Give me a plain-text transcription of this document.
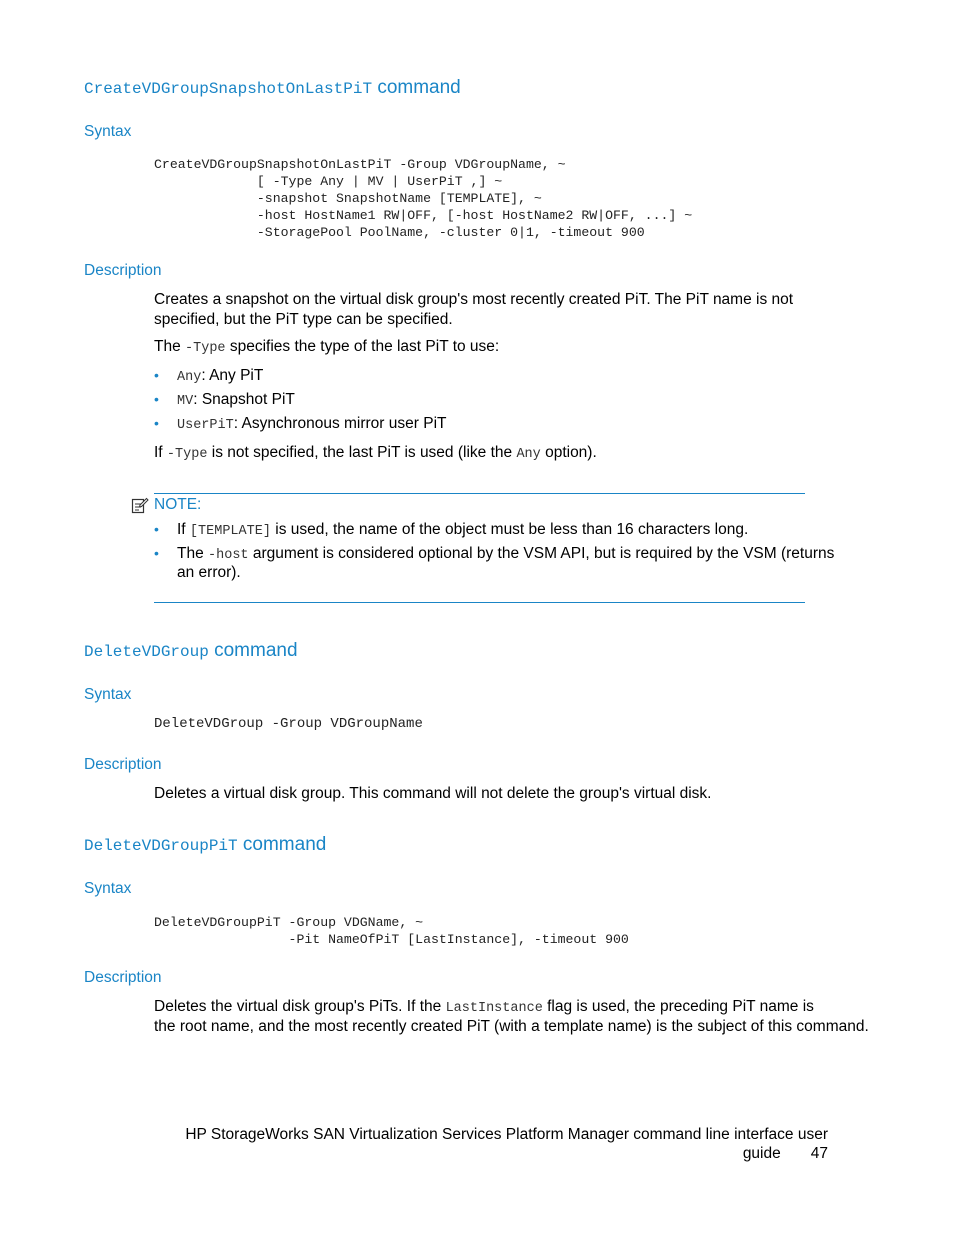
CreateVDGroupSnapshotOnLastPiT command
Syntax
CreateVDGroupSnapshotOnLastPiT -Group VDGroupName, ~
[ -Type Any | MV | UserPiT ,] ~
-snapshot SnapshotName [TEMPLATE], ~
-host HostName1 RW|OFF, [-host HostName2 RW|OFF, ...] ~
-StoragePool PoolName, -cluster 0|1, -timeout 900
Description
Creates a snapshot on the virtual disk group's most recently created PiT. The PiT name is not specified, but the PiT type can be specified.
The -Type specifies the type of the last PiT to use:
• Any: Any PiT
• MV: Snapshot PiT
• UserPiT: Asynchronous mirror user PiT
If -Type is not specified, the last PiT is used (like the Any option).
NOTE:
• If [TEMPLATE] is used, the name of the object must be less than 16 characters long.
• The -host argument is considered optional by the VSM API, but is required by the VSM (returns
an error).
DeleteVDGroup command
Syntax
DeleteVDGroup -Group VDGroupName
Description
Deletes a virtual disk group. This command will not delete the group's virtual disk.
DeleteVDGroupPiT command
Syntax
DeleteVDGroupPiT -Group VDGName, ~
-Pit NameOfPiT [LastInstance], -timeout 900
Description
Deletes the virtual disk group's PiTs. If the LastInstance flag is used, the preceding PiT name is
the root name, and the most recently created PiT (with a template name) is the subject of this command.
HP StorageWorks SAN Virtualization Services Platform Manager command line interface user
guide 47
